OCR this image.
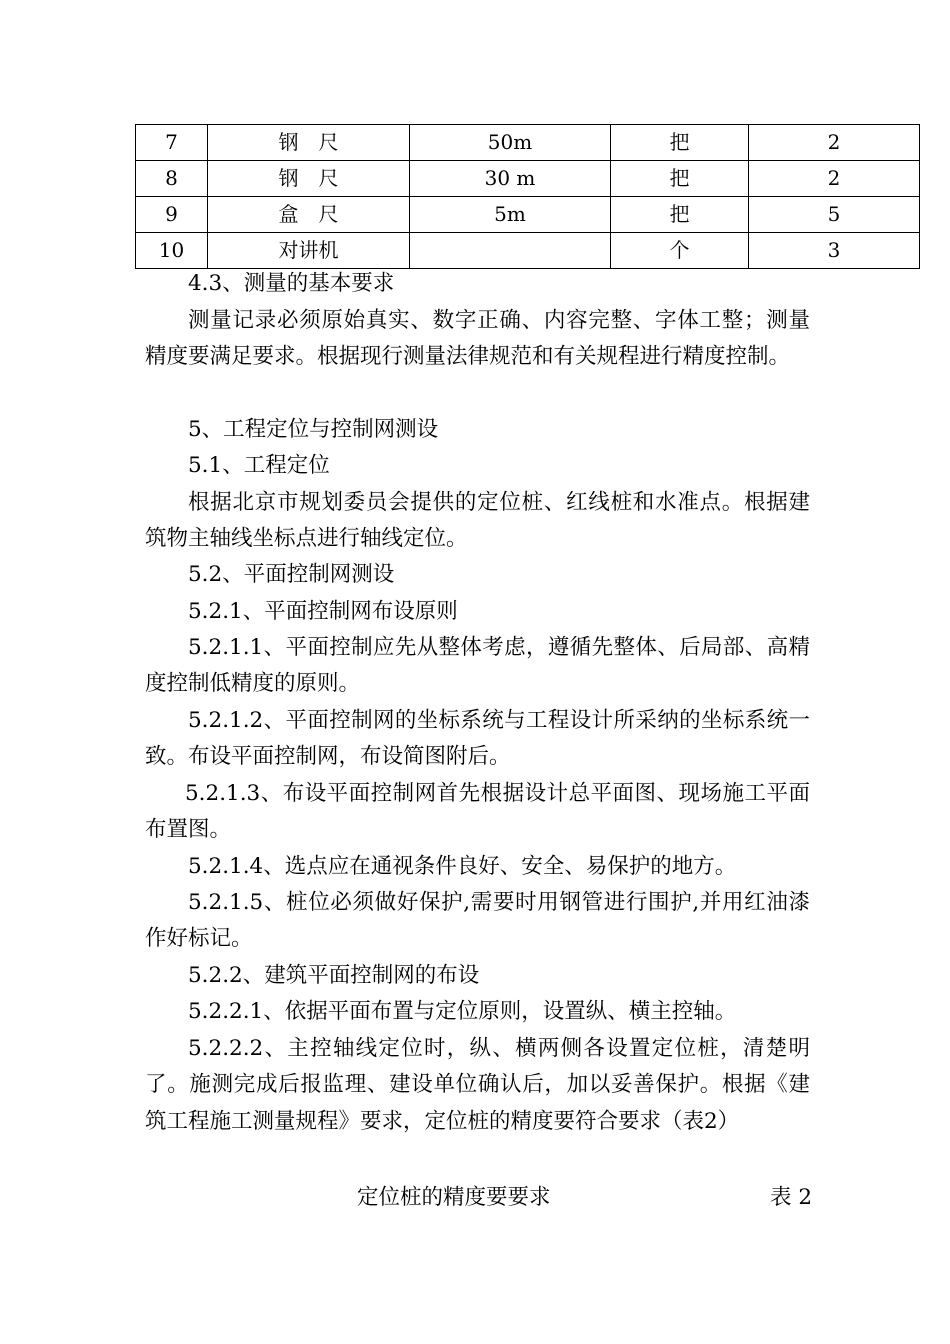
7	钢　尺	50m	把	2
8	钢　尺	30 m	把	2
9	盒　尺	5m	把	5
10	对讲机		个	3

4.3、测量的基本要求

测量记录必须原始真实、数字正确、内容完整、字体工整；测量精度要满足要求。根据现行测量法律规范和有关规程进行精度控制。

5、工程定位与控制网测设

5.1、工程定位

根据北京市规划委员会提供的定位桩、红线桩和水准点。根据建筑物主轴线坐标点进行轴线定位。

5.2、平面控制网测设

5.2.1、平面控制网布设原则

5.2.1.1、平面控制应先从整体考虑，遵循先整体、后局部、高精度控制低精度的原则。

5.2.1.2、平面控制网的坐标系统与工程设计所采纳的坐标系统一致。布设平面控制网，布设简图附后。

5.2.1.3、布设平面控制网首先根据设计总平面图、现场施工平面布置图。

5.2.1.4、选点应在通视条件良好、安全、易保护的地方。

5.2.1.5、桩位必须做好保护,需要时用钢管进行围护,并用红油漆作好标记。

5.2.2、建筑平面控制网的布设

5.2.2.1、依据平面布置与定位原则，设置纵、横主控轴。

5.2.2.2、主控轴线定位时，纵、横两侧各设置定位桩，清楚明了。施测完成后报监理、建设单位确认后，加以妥善保护。根据《建筑工程施工测量规程》要求，定位桩的精度要符合要求（表2）

定位桩的精度要要求	表 2
